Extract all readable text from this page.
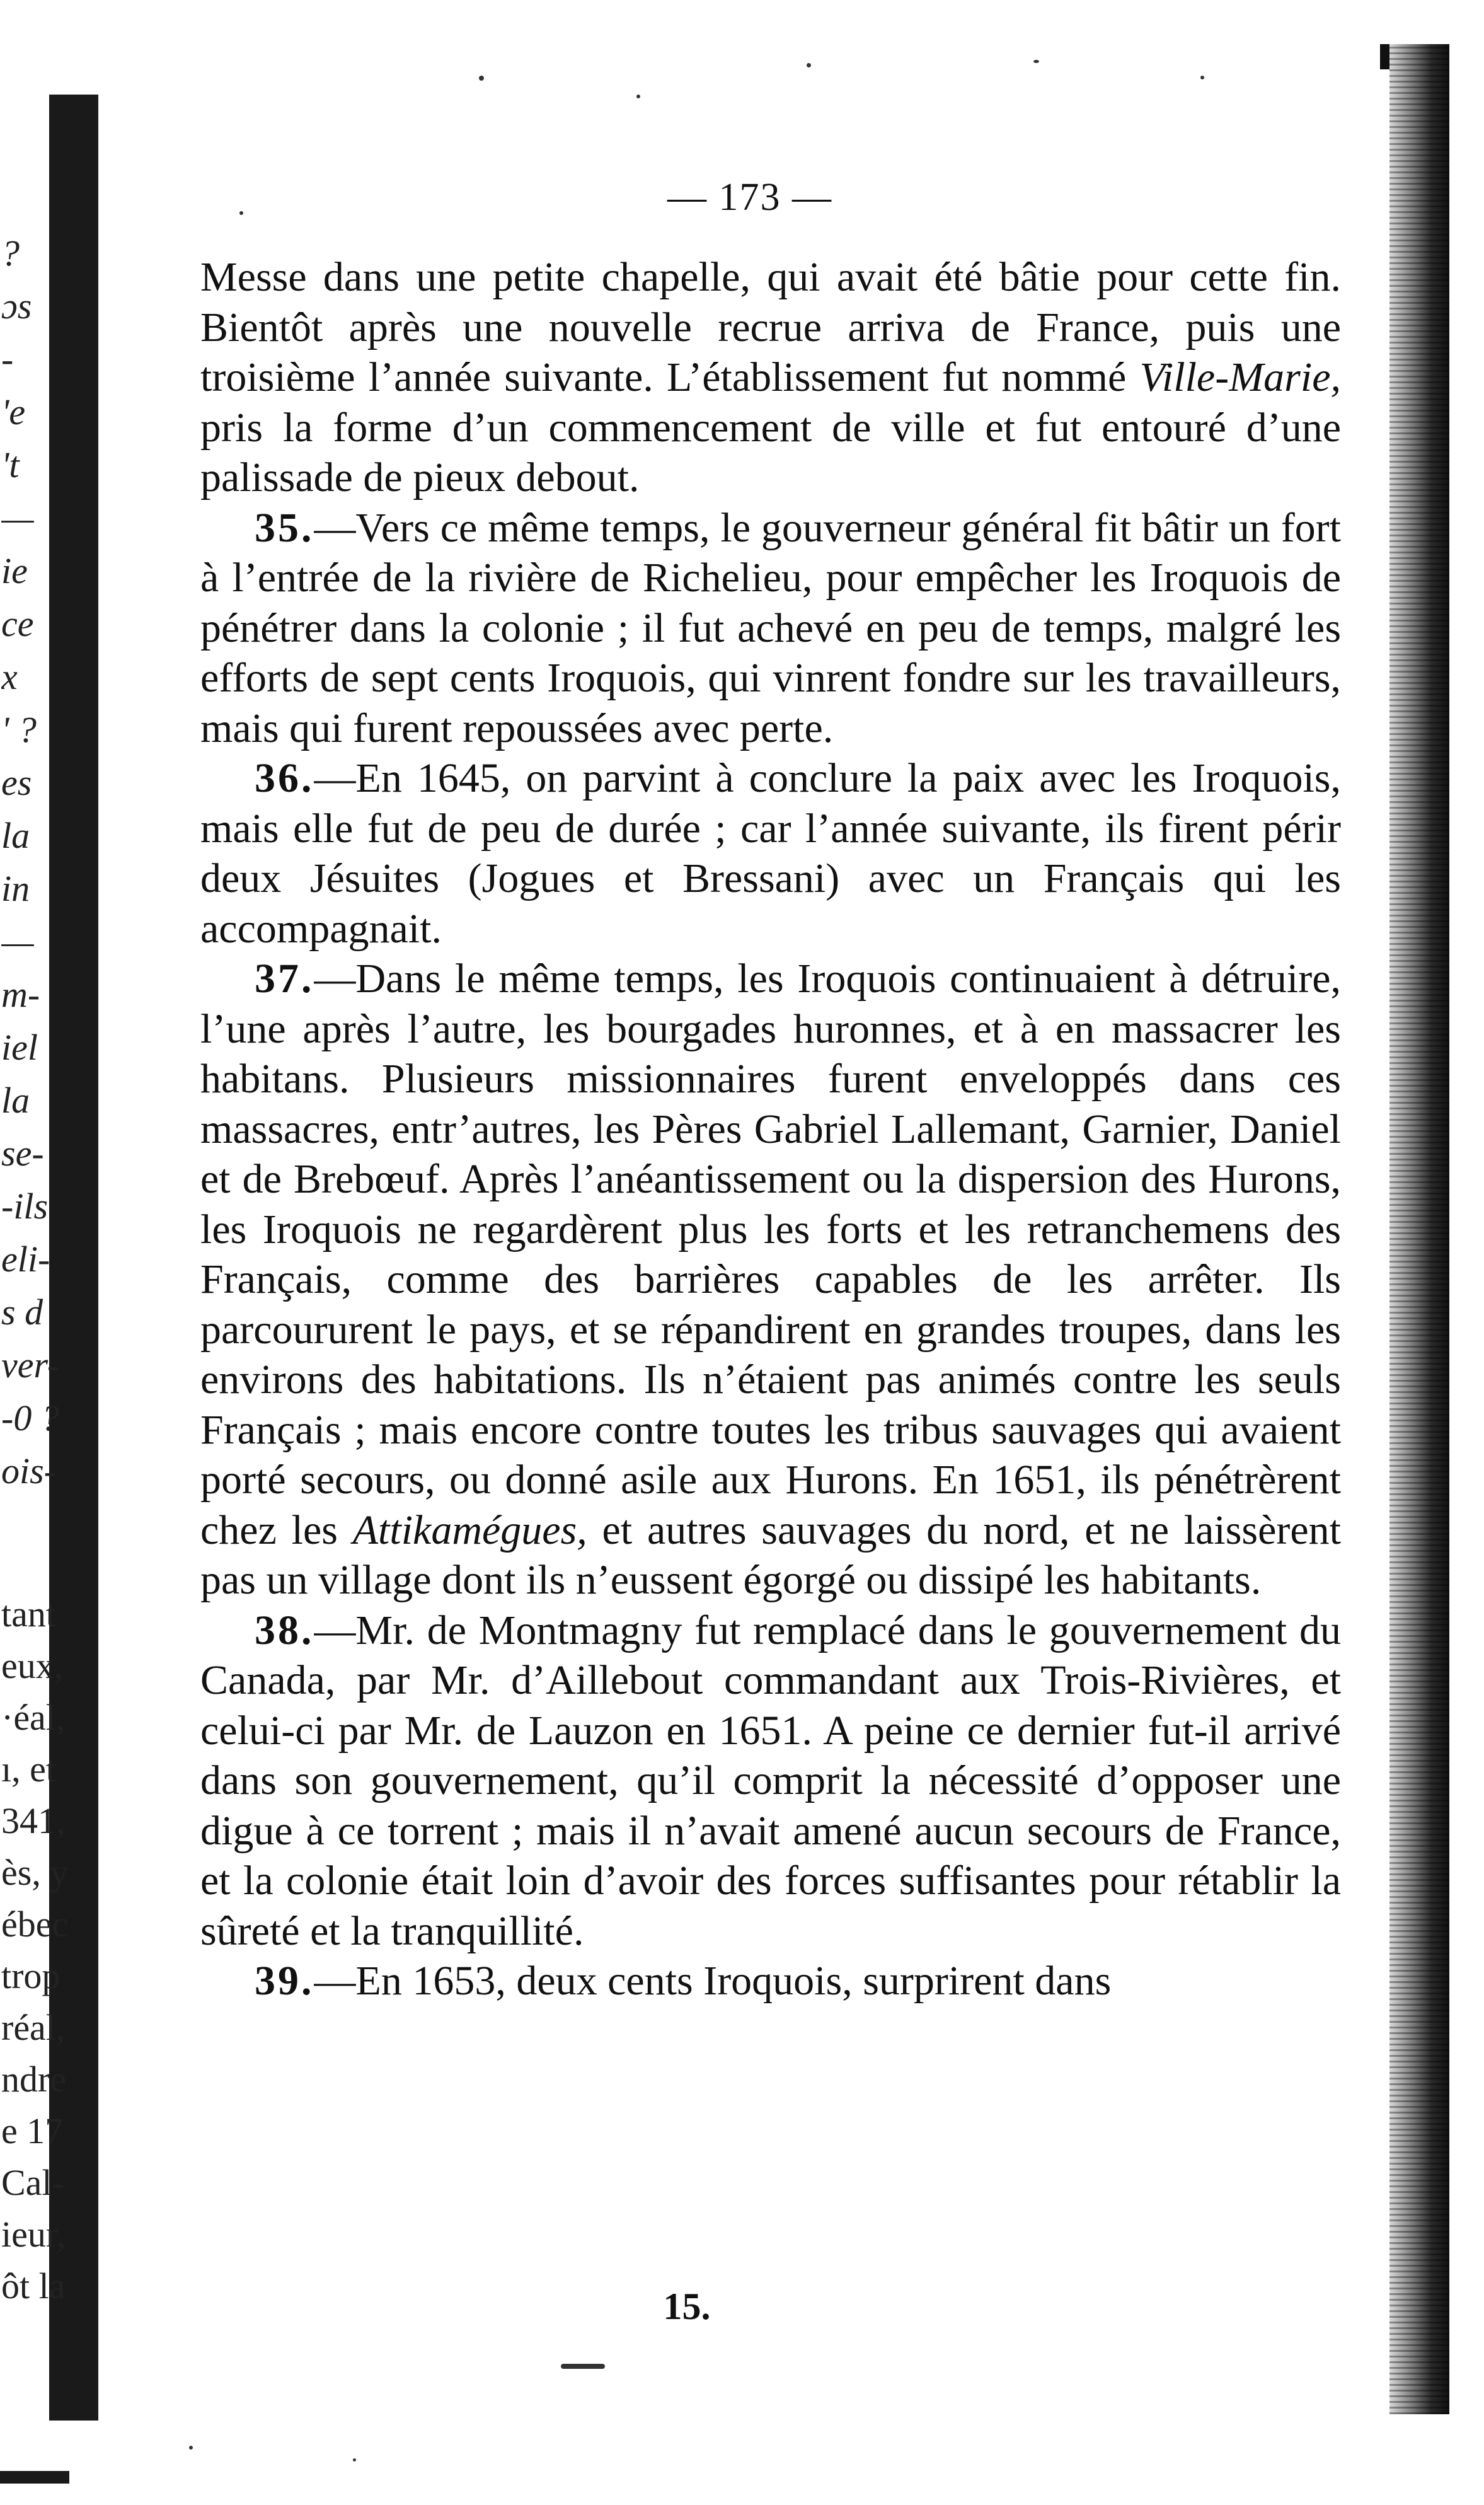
?
ɔs
-
'e
't
—
ie
ce
x
' ?
es
la
in
—
m-
iel
la
se-
-ils
eli-
s d
ver-
-0 ?
ois-
tant
eux,
·éal,
ı, et
341,
ès, y
ébec
trop
réal,
ndre
e 17
Cal-
ieur,
ôt la
— 173 —

Messe dans une petite chapelle, qui avait été bâtie pour cette fin. Bientôt après une nouvelle recrue arriva de France, puis une troisième l’année suivante. L’établissement fut nommé Ville-Marie, pris la forme d’un commencement de ville et fut entouré d’une palissade de pieux debout.

35.—Vers ce même temps, le gouverneur général fit bâtir un fort à l’entrée de la rivière de Richelieu, pour empêcher les Iroquois de pénétrer dans la colonie ; il fut achevé en peu de temps, malgré les efforts de sept cents Iroquois, qui vinrent fondre sur les travailleurs, mais qui furent repoussées avec perte.

36.—En 1645, on parvint à conclure la paix avec les Iroquois, mais elle fut de peu de durée ; car l’année suivante, ils firent périr deux Jésuites (Jogues et Bressani) avec un Français qui les accompagnait.

37.—Dans le même temps, les Iroquois continuaient à détruire, l’une après l’autre, les bourgades huronnes, et à en massacrer les habitans. Plusieurs missionnaires furent enveloppés dans ces massacres, entr’autres, les Pères Gabriel Lallemant, Garnier, Daniel et de Brebœuf. Après l’anéantissement ou la dispersion des Hurons, les Iroquois ne regardèrent plus les forts et les retranchemens des Français, comme des barrières capables de les arrêter. Ils parcoururent le pays, et se répandirent en grandes troupes, dans les environs des habitations. Ils n’étaient pas animés contre les seuls Français ; mais encore contre toutes les tribus sauvages qui avaient porté secours, ou donné asile aux Hurons. En 1651, ils pénétrèrent chez les Attikamégues, et autres sauvages du nord, et ne laissèrent pas un village dont ils n’eussent égorgé ou dissipé les habitants.

38.—Mr. de Montmagny fut remplacé dans le gouvernement du Canada, par Mr. d’Aillebout commandant aux Trois-Rivières, et celui-ci par Mr. de Lauzon en 1651. A peine ce dernier fut-il arrivé dans son gouvernement, qu’il comprit la nécessité d’opposer une digue à ce torrent ; mais il n’avait amené aucun secours de France, et la colonie était loin d’avoir des forces suffisantes pour rétablir la sûreté et la tranquillité.

39.—En 1653, deux cents Iroquois, surprirent dans

15.
